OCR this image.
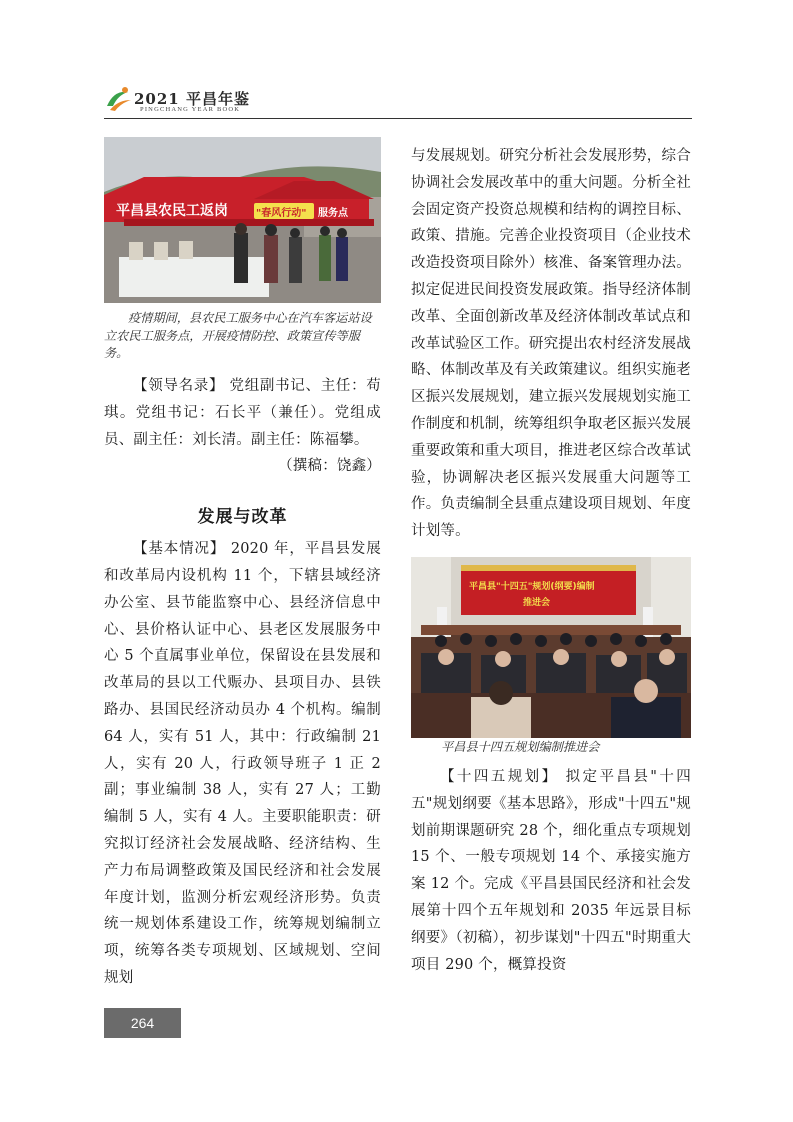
2021 平昌年鉴
PINGCHANG YEAR BOOK
平昌县农民工返岗	"春风行动" 服务点
疫情期间，县农民工服务中心在汽车客运站设立农民工服务点，开展疫情防控、政策宣传等服务。

【领导名录】 党组副书记、主任：苟琪。党组书记：石长平（兼任）。党组成员、副主任：刘长清。副主任：陈福攀。

（撰稿：饶鑫）

发展与改革

【基本情况】 2020 年，平昌县发展和改革局内设机构 11 个，下辖县域经济办公室、县节能监察中心、县经济信息中心、县价格认证中心、县老区发展服务中心 5 个直属事业单位，保留设在县发展和改革局的县以工代赈办、县项目办、县铁路办、县国民经济动员办 4 个机构。编制 64 人，实有 51 人，其中：行政编制 21 人，实有 20 人，行政领导班子 1 正 2 副；事业编制 38 人，实有 27 人；工勤编制 5 人，实有 4 人。主要职能职责：研究拟订经济社会发展战略、经济结构、生产力布局调整政策及国民经济和社会发展年度计划，监测分析宏观经济形势。负责统一规划体系建设工作，统筹规划编制立项，统筹各类专项规划、区域规划、空间规划

与发展规划。研究分析社会发展形势，综合协调社会发展改革中的重大问题。分析全社会固定资产投资总规模和结构的调控目标、政策、措施。完善企业投资项目（企业技术改造投资项目除外）核准、备案管理办法。拟定促进民间投资发展政策。指导经济体制改革、全面创新改革及经济体制改革试点和改革试验区工作。研究提出农村经济发展战略、体制改革及有关政策建议。组织实施老区振兴发展规划，建立振兴发展规划实施工作制度和机制，统筹组织争取老区振兴发展重要政策和重大项目，推进老区综合改革试验，协调解决老区振兴发展重大问题等工作。负责编制全县重点建设项目规划、年度计划等。

平昌县"十四五"规划(纲要)编制
推进会
平昌县十四五规划编制推进会

【十四五规划】 拟定平昌县"十四五"规划纲要《基本思路》，形成"十四五"规划前期课题研究 28 个，细化重点专项规划 15 个、一般专项规划 14 个、承接实施方案 12 个。完成《平昌县国民经济和社会发展第十四个五年规划和 2035 年远景目标纲要》（初稿），初步谋划"十四五"时期重大项目 290 个，概算投资

264
